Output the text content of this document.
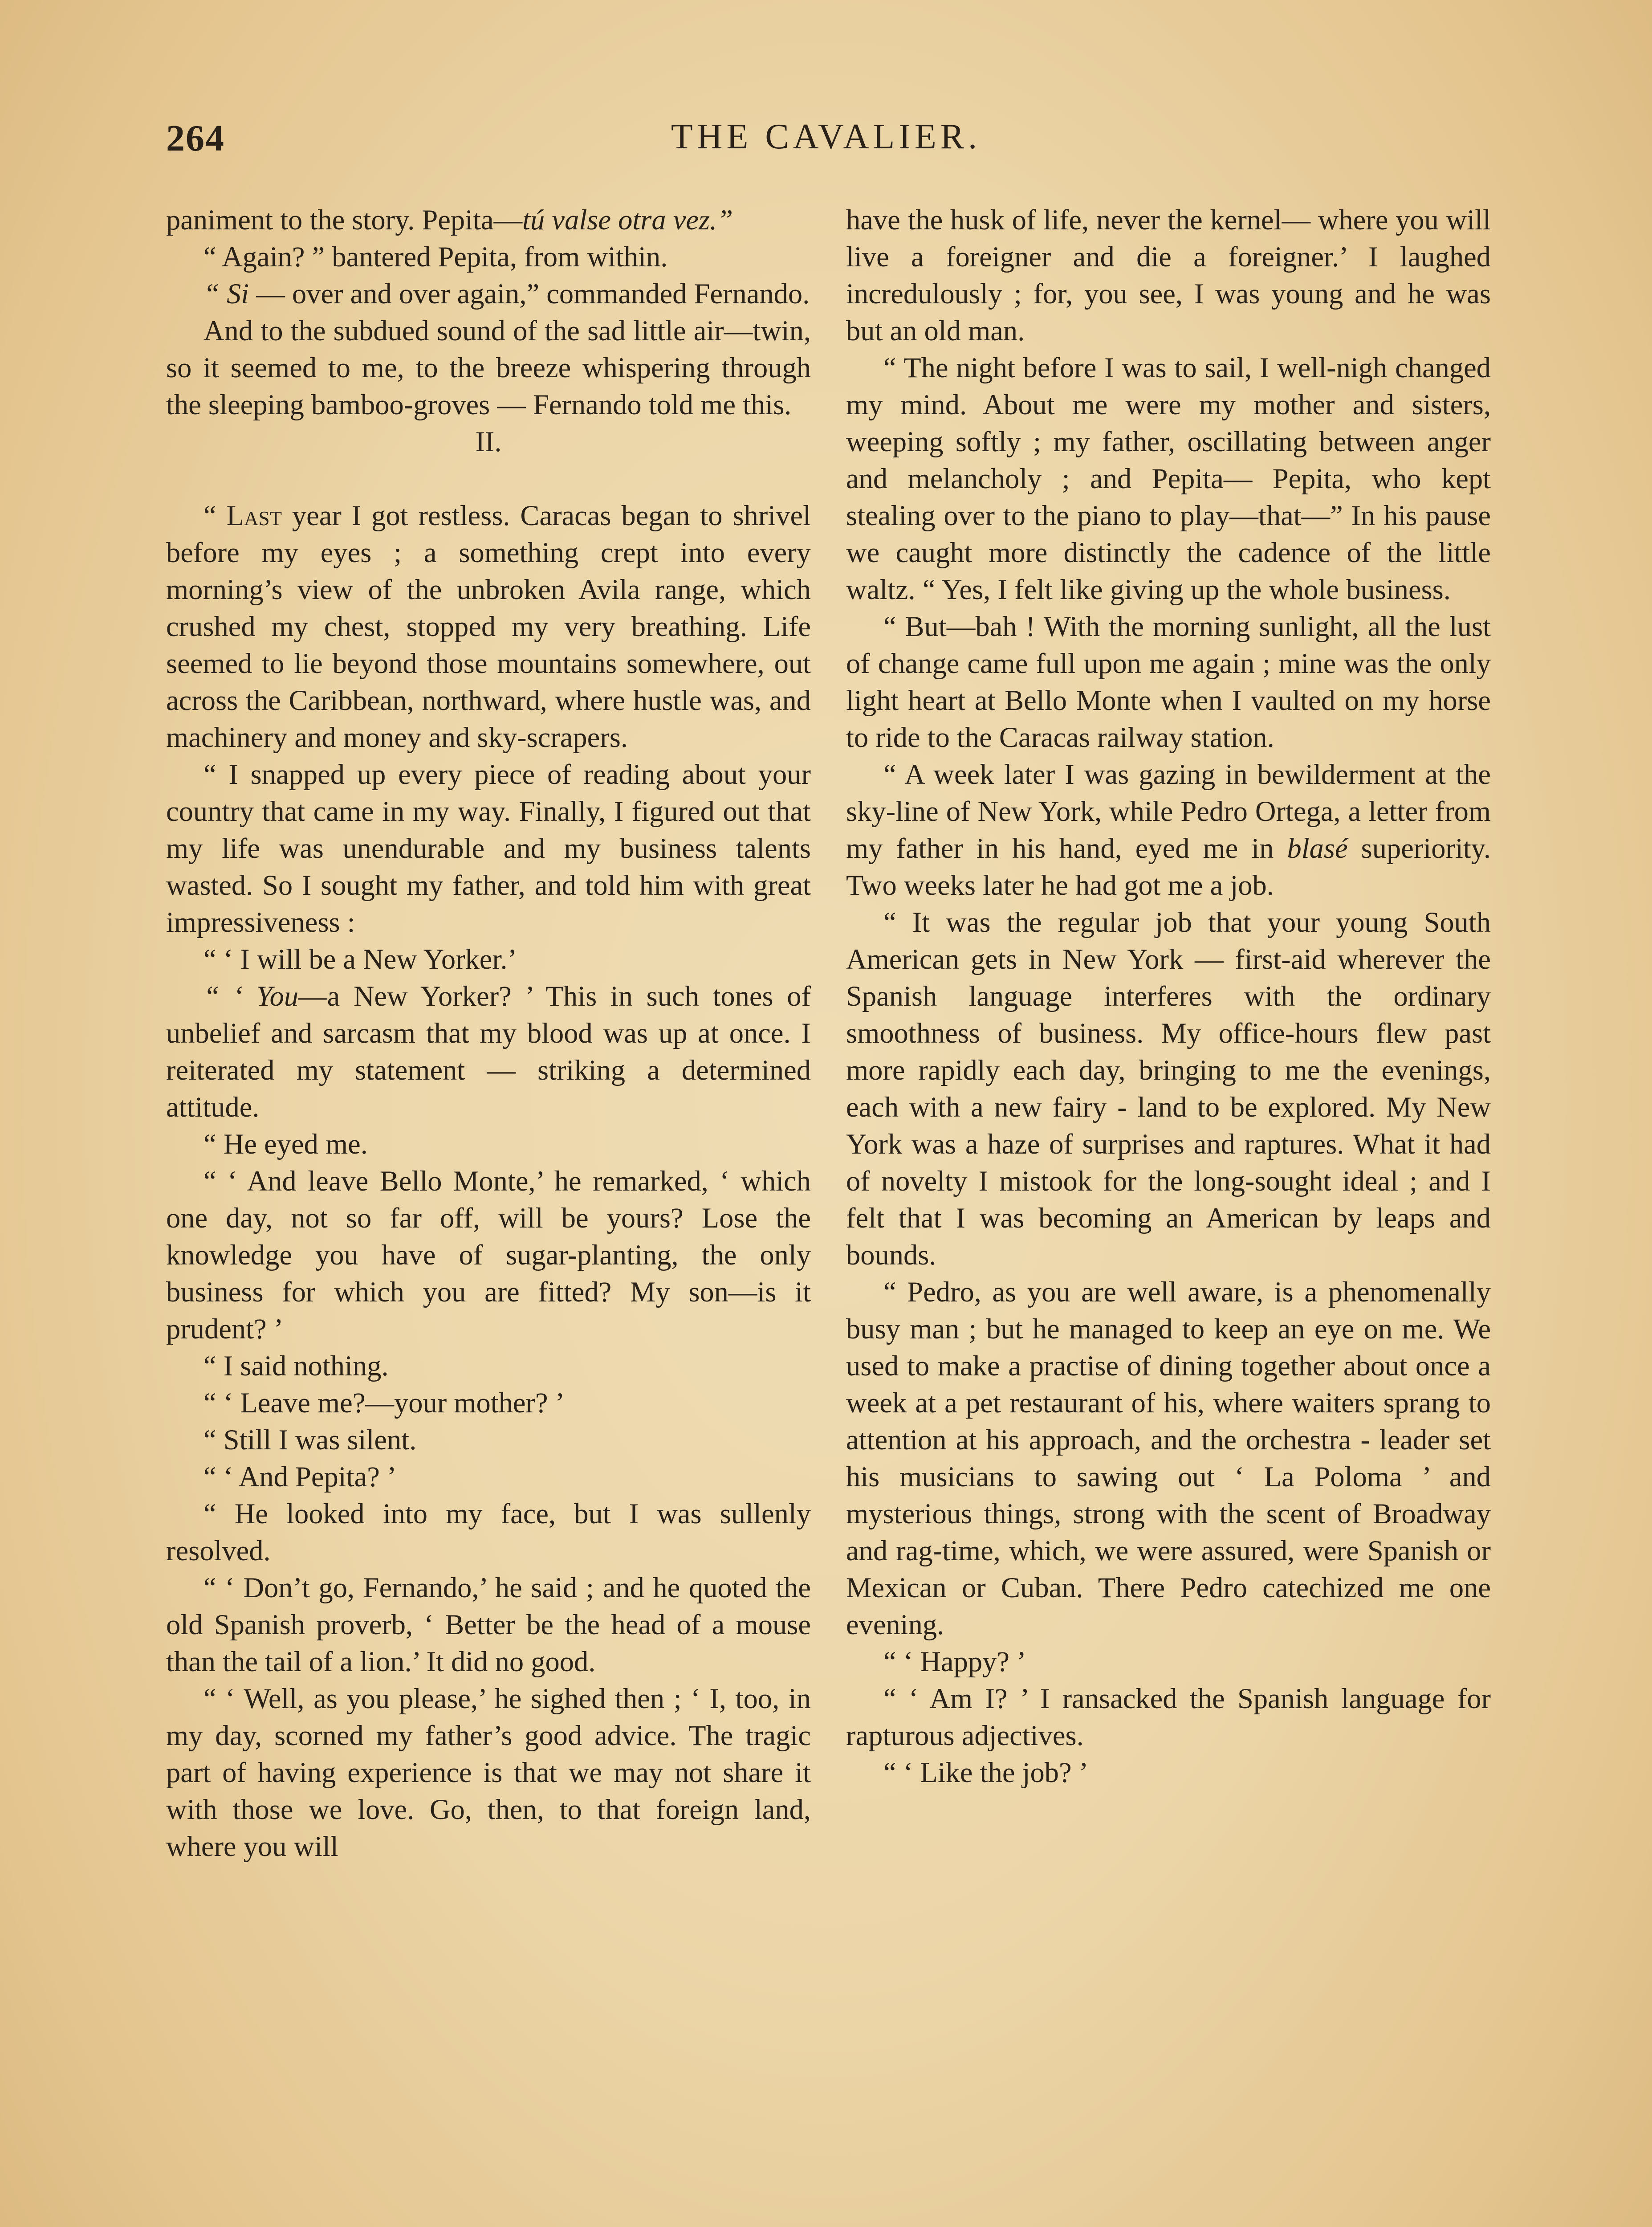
264	THE CAVALIER.

paniment to the story. Pepita—tú valse otra vez.”

“ Again? ” bantered Pepita, from within.

“ Si — over and over again,” commanded Fernando.

And to the subdued sound of the sad little air—twin, so it seemed to me, to the breeze whispering through the sleeping bamboo-groves — Fernando told me this.

II.

“ Last year I got restless. Caracas began to shrivel before my eyes ; a something crept into every morning’s view of the unbroken Avila range, which crushed my chest, stopped my very breathing. Life seemed to lie beyond those mountains somewhere, out across the Caribbean, northward, where hustle was, and machinery and money and sky-scrapers.

“ I snapped up every piece of reading about your country that came in my way. Finally, I figured out that my life was unendurable and my business talents wasted. So I sought my father, and told him with great impressiveness :

“ ‘ I will be a New Yorker.’

“ ‘ You—a New Yorker? ’ This in such tones of unbelief and sarcasm that my blood was up at once. I reiterated my statement — striking a determined attitude.

“ He eyed me.

“ ‘ And leave Bello Monte,’ he remarked, ‘ which one day, not so far off, will be yours? Lose the knowledge you have of sugar-planting, the only business for which you are fitted? My son—is it prudent? ’

“ I said nothing.

“ ‘ Leave me?—your mother? ’

“ Still I was silent.

“ ‘ And Pepita? ’

“ He looked into my face, but I was sullenly resolved.

“ ‘ Don’t go, Fernando,’ he said ; and he quoted the old Spanish proverb, ‘ Better be the head of a mouse than the tail of a lion.’ It did no good.

“ ‘ Well, as you please,’ he sighed then ; ‘ I, too, in my day, scorned my father’s good advice. The tragic part of having experience is that we may not share it with those we love. Go, then, to that foreign land, where you will

have the husk of life, never the kernel— where you will live a foreigner and die a foreigner.’ I laughed incredulously ; for, you see, I was young and he was but an old man.

“ The night before I was to sail, I well-nigh changed my mind. About me were my mother and sisters, weeping softly ; my father, oscillating between anger and melancholy ; and Pepita— Pepita, who kept stealing over to the piano to play—that—” In his pause we caught more distinctly the cadence of the little waltz. “ Yes, I felt like giving up the whole business.

“ But—bah ! With the morning sunlight, all the lust of change came full upon me again ; mine was the only light heart at Bello Monte when I vaulted on my horse to ride to the Caracas railway station.

“ A week later I was gazing in bewilderment at the sky-line of New York, while Pedro Ortega, a letter from my father in his hand, eyed me in blasé superiority. Two weeks later he had got me a job.

“ It was the regular job that your young South American gets in New York — first-aid wherever the Spanish language interferes with the ordinary smoothness of business. My office-hours flew past more rapidly each day, bringing to me the evenings, each with a new fairy - land to be explored. My New York was a haze of surprises and raptures. What it had of novelty I mistook for the long-sought ideal ; and I felt that I was becoming an American by leaps and bounds.

“ Pedro, as you are well aware, is a phenomenally busy man ; but he managed to keep an eye on me. We used to make a practise of dining together about once a week at a pet restaurant of his, where waiters sprang to attention at his approach, and the orchestra - leader set his musicians to sawing out ‘ La Poloma ’ and mysterious things, strong with the scent of Broadway and rag-time, which, we were assured, were Spanish or Mexican or Cuban. There Pedro catechized me one evening.

“ ‘ Happy? ’

“ ‘ Am I? ’ I ransacked the Spanish language for rapturous adjectives.

“ ‘ Like the job? ’
